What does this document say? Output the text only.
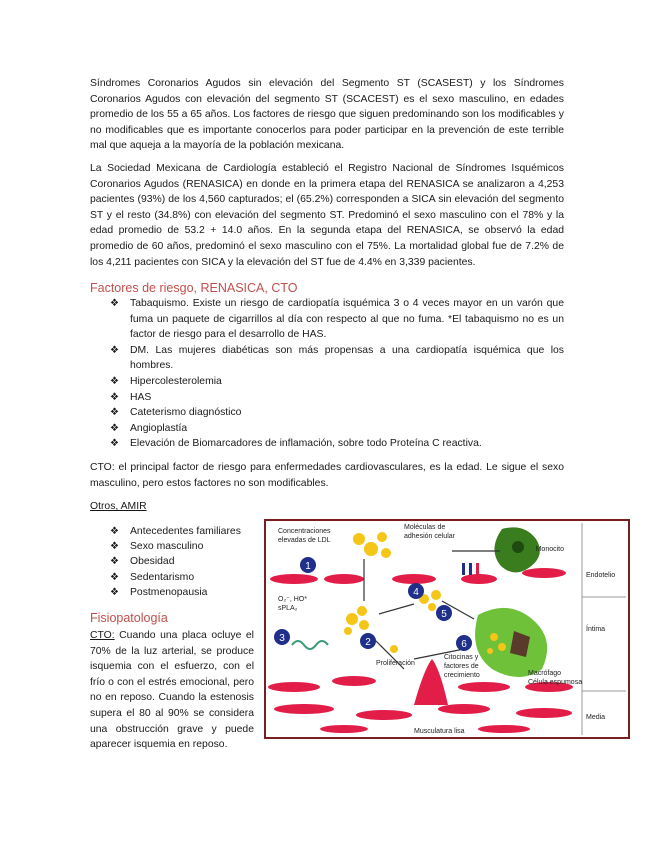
Síndromes Coronarios Agudos sin elevación del Segmento ST (SCASEST) y los Síndromes Coronarios Agudos con elevación del segmento ST (SCACEST) es el sexo masculino, en edades promedio de los 55 a 65 años. Los factores de riesgo que siguen predominando son los modificables y no modificables que es importante conocerlos para poder participar en la prevención de este terrible mal que aqueja a la mayoría de la población mexicana.

La Sociedad Mexicana de Cardiología estableció el Registro Nacional de Síndromes Isquémicos Coronarios Agudos (RENASICA) en donde en la primera etapa del RENASICA se analizaron a 4,253 pacientes (93%) de los 4,560 capturados; el (65.2%) corresponden a SICA sin elevación del segmento ST y el resto (34.8%) con elevación del segmento ST. Predominó el sexo masculino con el 78% y la edad promedio de 53.2 + 14.0 años. En la segunda etapa del RENASICA, se observó la edad promedio de 60 años, predominó el sexo masculino con el 75%. La mortalidad global fue de 7.2% de los 4,211 pacientes con SICA y la elevación del ST fue de 4.4% en 3,339 pacientes.

Factores de riesgo, RENASICA, CTO
❖ Tabaquismo. Existe un riesgo de cardiopatía isquémica 3 o 4 veces mayor en un varón que fuma un paquete de cigarrillos al día con respecto al que no fuma. *El tabaquismo no es un factor de riesgo para el desarrollo de HAS.
❖ DM. Las mujeres diabéticas son más propensas a una cardiopatía isquémica que los hombres.
❖ Hipercolesterolemia
❖ HAS
❖ Cateterismo diagnóstico
❖ Angioplastía
❖ Elevación de Biomarcadores de inflamación, sobre todo Proteína C reactiva.

CTO: el principal factor de riesgo para enfermedades cardiovasculares, es la edad. Le sigue el sexo masculino, pero estos factores no son modificables.

Otros, AMIR
❖ Antecedentes familiares
❖ Sexo masculino
❖ Obesidad
❖ Sedentarismo
❖ Postmenopausia
Fisiopatología

CTO: Cuando una placa ocluye el 70% de la luz arterial, se produce isquemia con el esfuerzo, con el frío o con el estrés emocional, pero no en reposo. Cuando la estenosis supera el 80 al 90% se considera una obstrucción grave y puede aparecer isquemia en reposo.

1
2
3
4
5
6
Concentraciones
elevadas de LDL
Moléculas de
adhesión celular
Monocito
Endotelio
O₂⁻, HO*
sPLA₂
Íntima
Citocinas y
factores de
crecimiento	Macrófago
Célula espumosa
Proliferación
Media
Musculatura lisa
